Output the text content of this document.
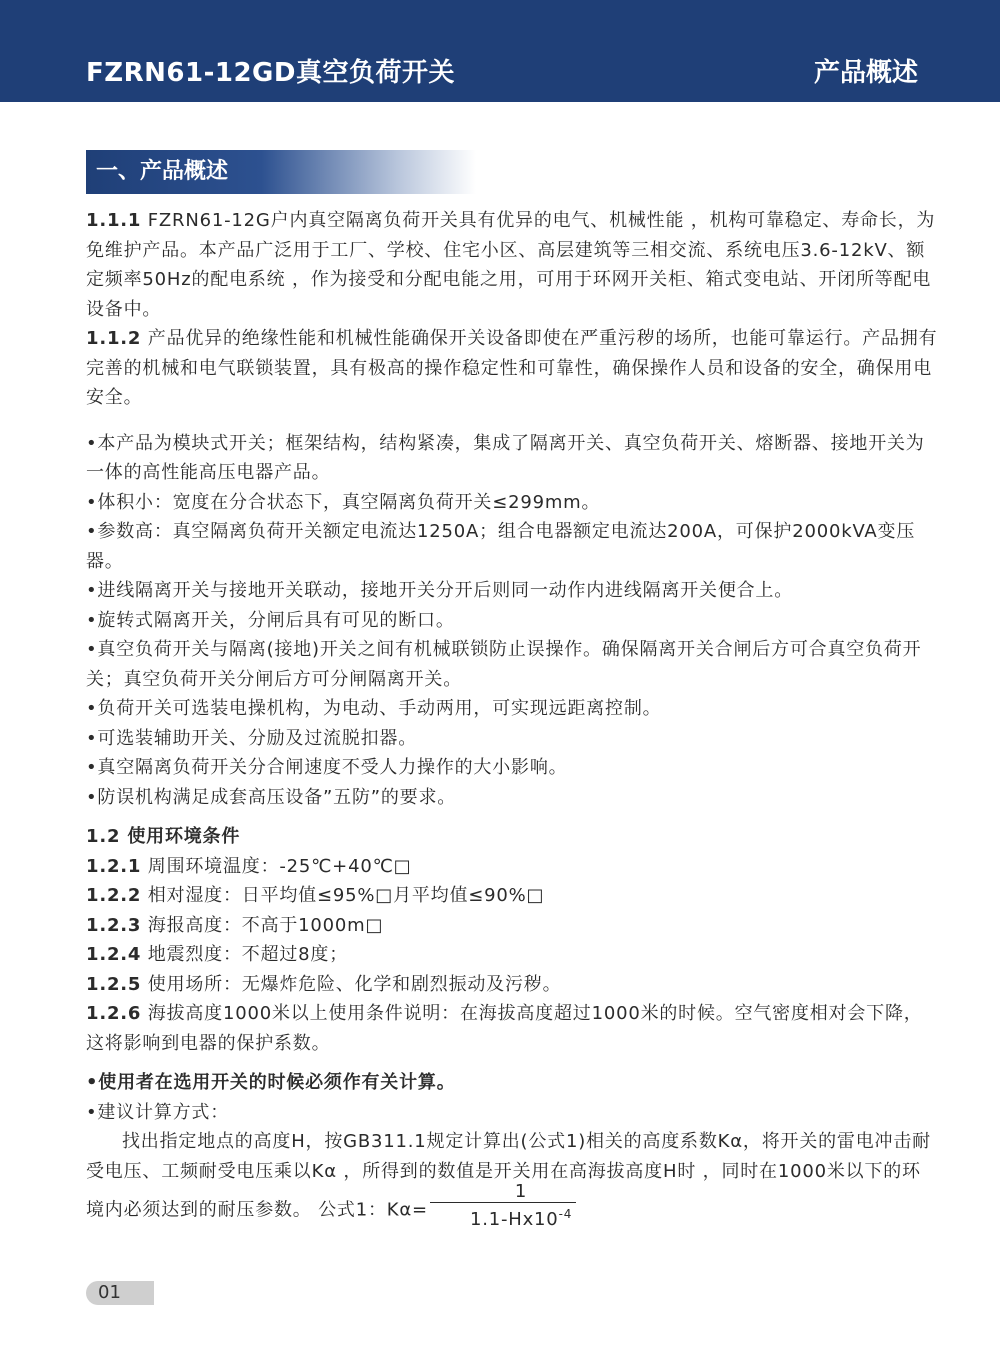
FZRN61-12GD真空负荷开关	产品概述
一、产品概述

1.1.1 FZRN61-12G户内真空隔离负荷开关具有优异的电气、机械性能 ，机构可靠稳定、寿命长，为免维护产品。本产品广泛用于工厂、学校、住宅小区、高层建筑等三相交流、系统电压3.6-12kV、额定频率50Hz的配电系统 ，作为接受和分配电能之用，可用于环网开关柜、箱式变电站、开闭所等配电设备中。

1.1.2 产品优异的绝缘性能和机械性能确保开关设备即使在严重污秽的场所，也能可靠运行。产品拥有完善的机械和电气联锁装置，具有极高的操作稳定性和可靠性，确保操作人员和设备的安全，确保用电安全。

•本产品为模块式开关；框架结构，结构紧凑，集成了隔离开关、真空负荷开关、熔断器、接地开关为一体的高性能高压电器产品。

•体积小：宽度在分合状态下，真空隔离负荷开关≤299mm。

•参数高：真空隔离负荷开关额定电流达1250A；组合电器额定电流达200A，可保护2000kVA变压器。

•进线隔离开关与接地开关联动，接地开关分开后则同一动作内进线隔离开关便合上。

•旋转式隔离开关，分闸后具有可见的断口。

•真空负荷开关与隔离(接地)开关之间有机械联锁防止误操作。确保隔离开关合闸后方可合真空负荷开关；真空负荷开关分闸后方可分闸隔离开关。

•负荷开关可选装电操机构，为电动、手动两用，可实现远距离控制。

•可选装辅助开关、分励及过流脱扣器。

•真空隔离负荷开关分合闸速度不受人力操作的大小影响。

•防误机构满足成套高压设备”五防”的要求。

1.2 使用环境条件

1.2.1 周围环境温度：-25℃+40℃□

1.2.2 相对湿度：日平均值≤95%□月平均值≤90%□

1.2.3 海报高度：不高于1000m□

1.2.4 地震烈度：不超过8度；

1.2.5 使用场所：无爆炸危险、化学和剧烈振动及污秽。

1.2.6 海拔高度1000米以上使用条件说明：在海拔高度超过1000米的时候。空气密度相对会下降，这将影响到电器的保护系数。

•使用者在选用开关的时候必须作有关计算。

•建议计算方式：

找出指定地点的高度H，按GB311.1规定计算出(公式1)相关的高度系数Kα，将开关的雷电冲击耐受电压、工频耐受电压乘以Kα ，所得到的数值是开关用在高海拔高度H时 ，同时在1000米以下的环境内必须达到的耐压参数。 公式1：$K\alpha= \frac{1}{1.1-Hx10^{-4}}$

01
